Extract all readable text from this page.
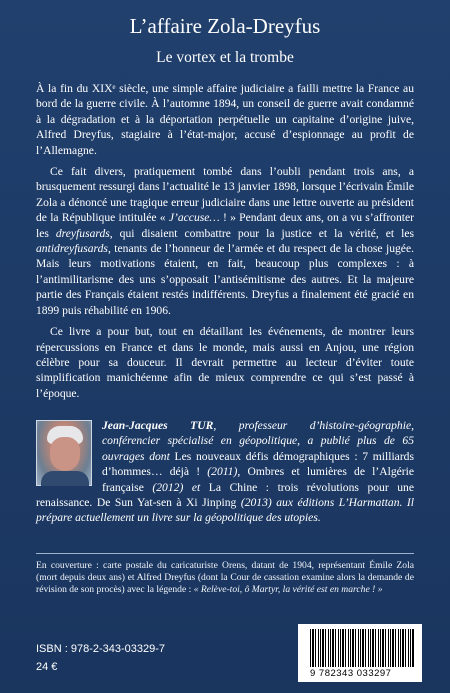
L’affaire Zola-Dreyfus
Le vortex et la trombe

À la fin du XIXᵉ siècle, une simple affaire judiciaire a failli mettre la France au bord de la guerre civile. À l’automne 1894, un conseil de guerre avait condamné à la dégradation et à la déportation perpétuelle un capitaine d’origine juive, Alfred Dreyfus, stagiaire à l’état-major, accusé d’espionnage au profit de l’Allemagne.

Ce fait divers, pratiquement tombé dans l’oubli pendant trois ans, a brusquement ressurgi dans l’actualité le 13 janvier 1898, lorsque l’écrivain Émile Zola a dénoncé une tragique erreur judiciaire dans une lettre ouverte au président de la République intitulée « J’accuse… ! » Pendant deux ans, on a vu s’affronter les dreyfusards, qui disaient combattre pour la justice et la vérité, et les antidreyfusards, tenants de l’honneur de l’armée et du respect de la chose jugée. Mais leurs motivations étaient, en fait, beaucoup plus complexes : à l’antimilitarisme des uns s’opposait l’antisémitisme des autres. Et la majeure partie des Français étaient restés indifférents. Dreyfus a finalement été gracié en 1899 puis réhabilité en 1906.

Ce livre a pour but, tout en détaillant les événements, de montrer leurs répercussions en France et dans le monde, mais aussi en Anjou, une région célèbre pour sa douceur. Il devrait permettre au lecteur d’éviter toute simplification manichéenne afin de mieux comprendre ce qui s’est passé à l’époque.

Jean-Jacques TUR, professeur d’histoire-géographie, conférencier spécialisé en géopolitique, a publié plus de 65 ouvrages dont Les nouveaux défis démographiques : 7 milliards d’hommes… déjà ! (2011), Ombres et lumières de l’Algérie française (2012) et La Chine : trois révolutions pour une renaissance. De Sun Yat-sen à Xi Jinping (2013) aux éditions L’Harmattan. Il prépare actuellement un livre sur la géopolitique des utopies.
En couverture : carte postale du caricaturiste Orens, datant de 1904, représentant Émile Zola (mort depuis deux ans) et Alfred Dreyfus (dont la Cour de cassation examine alors la demande de révision de son procès) avec la légende : « Relève-toi, ô Martyr, la vérité est en marche ! »
ISBN : 978-2-343-03329-7
24 €
9 782343 033297
